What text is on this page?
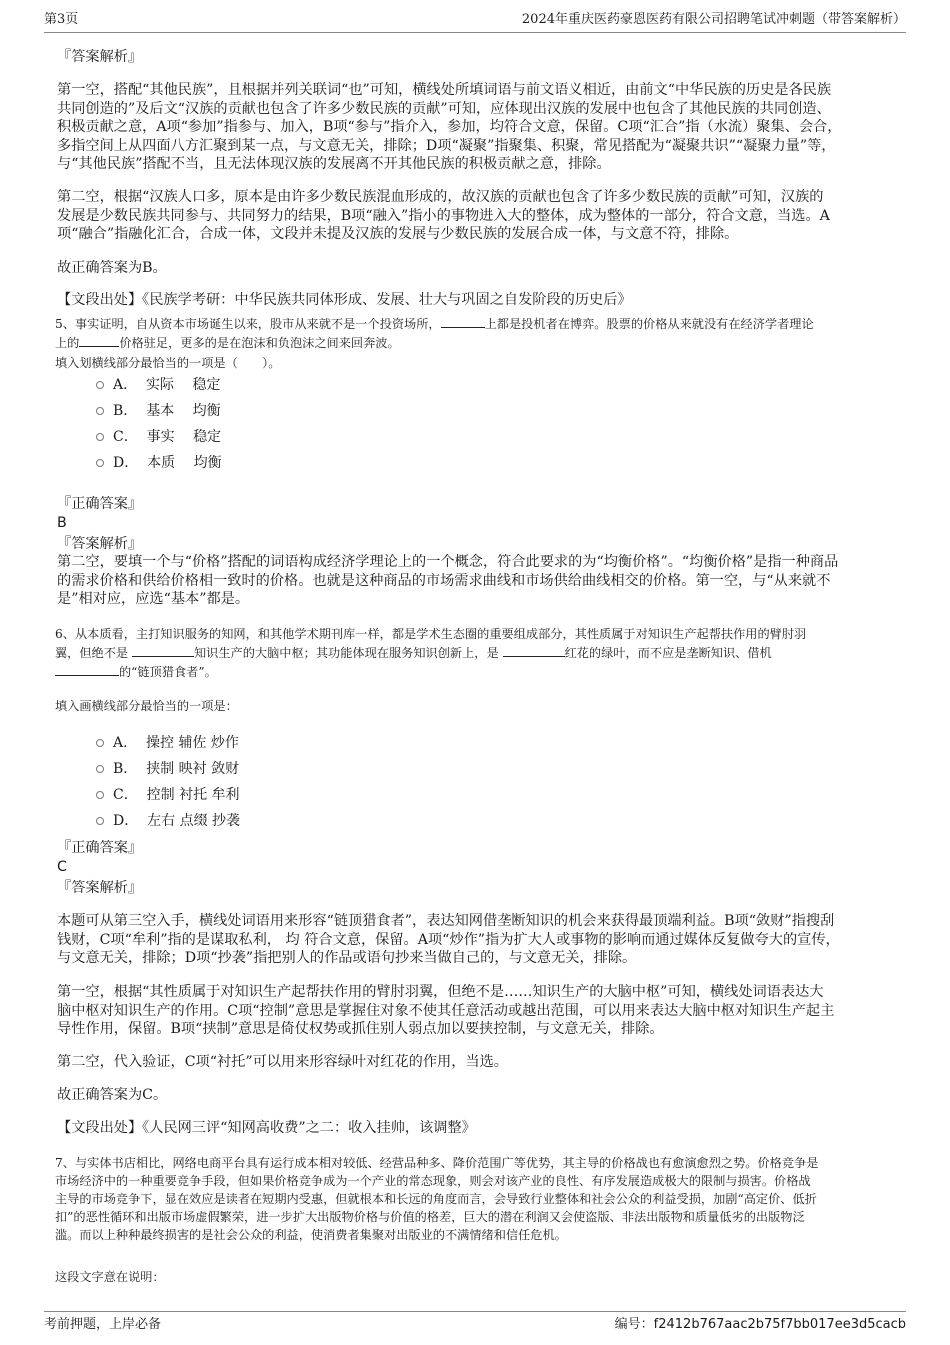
第3页	2024年重庆医药豪恩医药有限公司招聘笔试冲刺题（带答案解析）
『答案解析』
第一空，搭配“其他民族”，且根据并列关联词“也”可知，横线处所填词语与前文语义相近，由前文“中华民族的历史是各民族
共同创造的”及后文“汉族的贡献也包含了许多少数民族的贡献”可知，应体现出汉族的发展中也包含了其他民族的共同创造、
积极贡献之意，A项“参加”指参与、加入，B项“参与”指介入，参加，均符合文意，保留。C项“汇合”指（水流）聚集、会合，
多指空间上从四面八方汇聚到某一点，与文意无关，排除；D项“凝聚”指聚集、积聚，常见搭配为“凝聚共识”“凝聚力量”等，
与“其他民族”搭配不当，且无法体现汉族的发展离不开其他民族的积极贡献之意，排除。
第二空，根据“汉族人口多，原本是由许多少数民族混血形成的，故汉族的贡献也包含了许多少数民族的贡献”可知，汉族的
发展是少数民族共同参与、共同努力的结果，B项“融入”指小的事物进入大的整体，成为整体的一部分，符合文意，当选。A
项“融合”指融化汇合，合成一体，文段并未提及汉族的发展与少数民族的发展合成一体，与文意不符，排除。
故正确答案为B。
【文段出处】《民族学考研：中华民族共同体形成、发展、壮大与巩固之自发阶段的历史后》
5、事实证明，自从资本市场诞生以来，股市从来就不是一个投资场所，	上都是投机者在博弈。股票的价格从来就没有在经济学者理论
上的	价格驻足，更多的是在泡沫和负泡沫之间来回奔波。
填入划横线部分最恰当的一项是（　　）。
A． 实际　 稳定
B． 基本　 均衡
C． 事实　 稳定
D． 本质　 均衡
『正确答案』
B
『答案解析』
第二空，要填一个与“价格”搭配的词语构成经济学理论上的一个概念，符合此要求的为“均衡价格”。“均衡价格”是指一种商品
的需求价格和供给价格相一致时的价格。也就是这种商品的市场需求曲线和市场供给曲线相交的价格。第一空，与“从来就不
是”相对应，应选“基本”都是。
6、从本质看，主打知识服务的知网，和其他学术期刊库一样，都是学术生态圈的重要组成部分，其性质属于对知识生产起帮扶作用的臂肘羽
翼，但绝不是	知识生产的大脑中枢；其功能体现在服务知识创新上，是	红花的绿叶，而不应是垄断知识、借机
的“链顶猎食者”。
填入画横线部分最恰当的一项是：
A． 操控 辅佐 炒作
B． 挟制 映衬 敛财
C． 控制 衬托 牟利
D． 左右 点缀 抄袭
『正确答案』
C
『答案解析』
本题可从第三空入手，横线处词语用来形容“链顶猎食者”，表达知网借垄断知识的机会来获得最顶端利益。B项“敛财”指搜刮
钱财，C项“牟利”指的是谋取私利， 均 符合文意，保留。A项“炒作”指为扩大人或事物的影响而通过媒体反复做夸大的宣传，
与文意无关，排除；D项“抄袭”指把别人的作品或语句抄来当做自己的，与文意无关，排除。
第一空，根据“其性质属于对知识生产起帮扶作用的臂肘羽翼，但绝不是……知识生产的大脑中枢”可知，横线处词语表达大
脑中枢对知识生产的作用。C项“控制”意思是掌握住对象不使其任意活动或越出范围，可以用来表达大脑中枢对知识生产起主
导性作用，保留。B项“挟制”意思是倚仗权势或抓住别人弱点加以要挟控制，与文意无关，排除。
第二空，代入验证，C项“衬托”可以用来形容绿叶对红花的作用，当选。
故正确答案为C。
【文段出处】《人民网三评“知网高收费”之二：收入挂帅，该调整》
7、与实体书店相比，网络电商平台具有运行成本相对较低、经营品种多、降价范围广等优势，其主导的价格战也有愈演愈烈之势。价格竞争是
市场经济中的一种重要竞争手段，但如果价格竞争成为一个产业的常态现象，则会对该产业的良性、有序发展造成极大的限制与损害。价格战
主导的市场竞争下，显在效应是读者在短期内受惠，但就根本和长远的角度而言，会导致行业整体和社会公众的利益受损，加剧“高定价、低折
扣”的恶性循环和出版市场虚假繁荣，进一步扩大出版物价格与价值的格差，巨大的潜在利润又会使盗版、非法出版物和质量低劣的出版物泛
滥。而以上种种最终损害的是社会公众的利益，使消费者集聚对出版业的不满情绪和信任危机。
这段文字意在说明：
考前押题，上岸必备	编号：f2412b767aac2b75f7bb017ee3d5cacb
